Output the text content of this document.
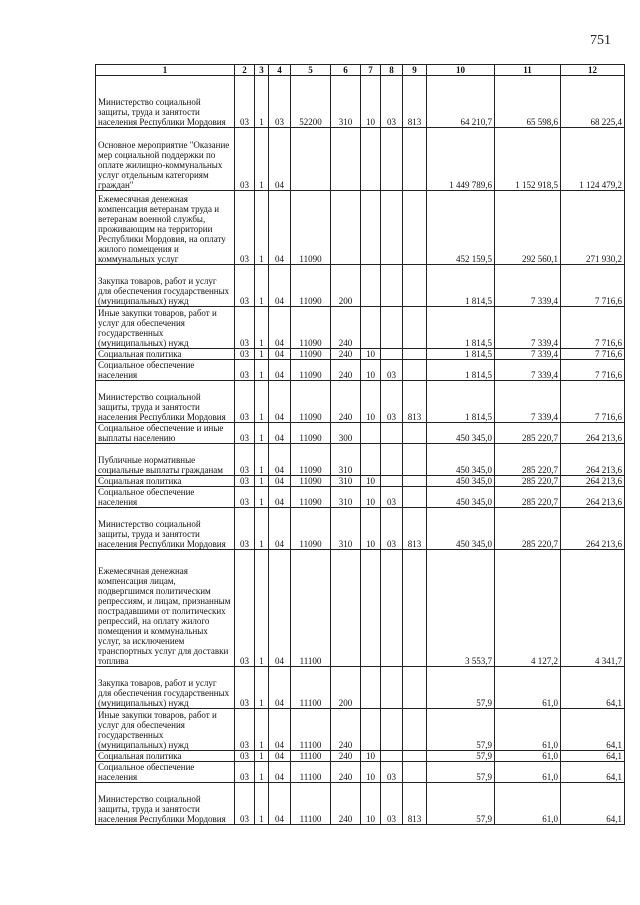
751
1	2	3	4	5	6	7	8	9	10	11	12
Министерство социальной защиты, труда и занятости населения Республики Мордовия	03	1	03	52200	310	10	03	813	64 210,7	65 598,6	68 225,4
Основное мероприятие "Оказание мер социальной поддержки по оплате жилищно-коммунальных услуг отдельным категориям граждан"	03	1	04						1 449 789,6	1 152 918,5	1 124 479,2
Ежемесячная денежная компенсация ветеранам труда и ветеранам военной службы, проживающим на территории Республики Мордовия, на оплату жилого помещения и коммунальных услуг	03	1	04	11090					452 159,5	292 560,1	271 930,2
Закупка товаров, работ и услуг для обеспечения государственных (муниципальных) нужд	03	1	04	11090	200				1 814,5	7 339,4	7 716,6
Иные закупки товаров, работ и услуг для обеспечения государственных (муниципальных) нужд	03	1	04	11090	240				1 814,5	7 339,4	7 716,6
Социальная политика	03	1	04	11090	240	10			1 814,5	7 339,4	7 716,6
Социальное обеспечение населения	03	1	04	11090	240	10	03		1 814,5	7 339,4	7 716,6
Министерство социальной защиты, труда и занятости населения Республики Мордовия	03	1	04	11090	240	10	03	813	1 814,5	7 339,4	7 716,6
Социальное обеспечение и иные выплаты населению	03	1	04	11090	300				450 345,0	285 220,7	264 213,6
Публичные нормативные социальные выплаты гражданам	03	1	04	11090	310				450 345,0	285 220,7	264 213,6
Социальная политика	03	1	04	11090	310	10			450 345,0	285 220,7	264 213,6
Социальное обеспечение населения	03	1	04	11090	310	10	03		450 345,0	285 220,7	264 213,6
Министерство социальной защиты, труда и занятости населения Республики Мордовия	03	1	04	11090	310	10	03	813	450 345,0	285 220,7	264 213,6
Ежемесячная денежная компенсация лицам, подвергшимся политическим репрессиям, и лицам, признанным пострадавшими от политических репрессий, на оплату жилого помещения и коммунальных услуг, за исключением транспортных услуг для доставки топлива	03	1	04	11100					3 553,7	4 127,2	4 341,7
Закупка товаров, работ и услуг для обеспечения государственных (муниципальных) нужд	03	1	04	11100	200				57,9	61,0	64,1
Иные закупки товаров, работ и услуг для обеспечения государственных (муниципальных) нужд	03	1	04	11100	240				57,9	61,0	64,1
Социальная политика	03	1	04	11100	240	10			57,9	61,0	64,1
Социальное обеспечение населения	03	1	04	11100	240	10	03		57,9	61,0	64,1
Министерство социальной защиты, труда и занятости населения Республики Мордовия	03	1	04	11100	240	10	03	813	57,9	61,0	64,1
